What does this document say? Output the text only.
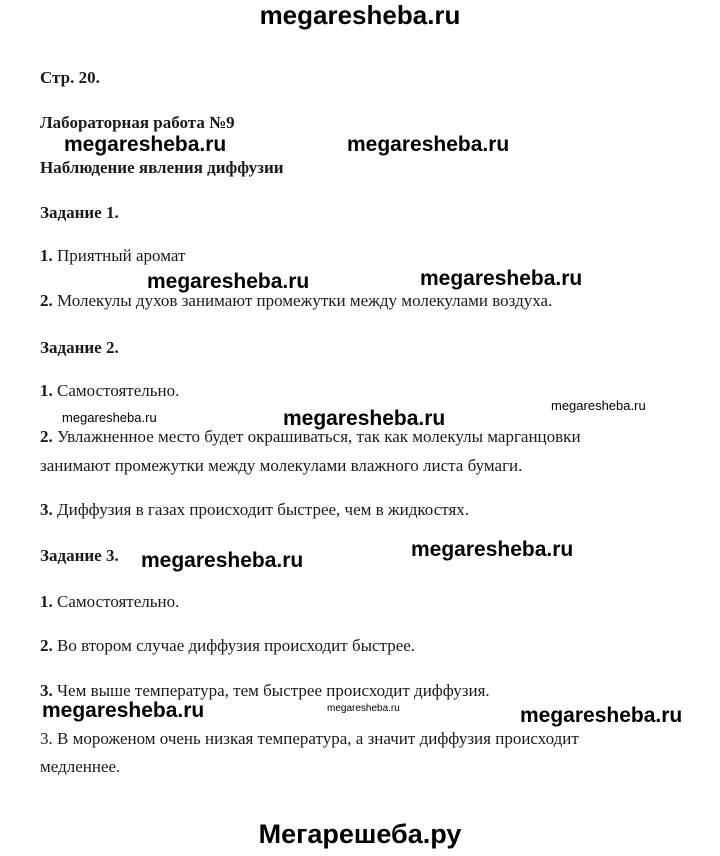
megaresheba.ru
Стр. 20.
Лабораторная работа №9
Наблюдение явления диффузии
Задание 1.
1. Приятный аромат
2. Молекулы духов занимают промежутки между молекулами воздуха.
Задание 2.
1. Самостоятельно.
2. Увлажненное место будет окрашиваться, так как молекулы марганцовки
занимают промежутки между молекулами влажного листа бумаги.
3. Диффузия в газах происходит быстрее, чем в жидкостях.
Задание 3.
1. Самостоятельно.
2. Во втором случае диффузия происходит быстрее.
3. Чем выше температура, тем быстрее происходит диффузия.
3. В мороженом очень низкая температура, а значит диффузия происходит
медленнее.
megaresheba.ru	megaresheba.ru
megaresheba.ru	megaresheba.ru
megaresheba.ru	megaresheba.ru
megaresheba.ru
megaresheba.ru	megaresheba.ru
megaresheba.ru	megaresheba.ru	megaresheba.ru
Мегарешеба.ру
